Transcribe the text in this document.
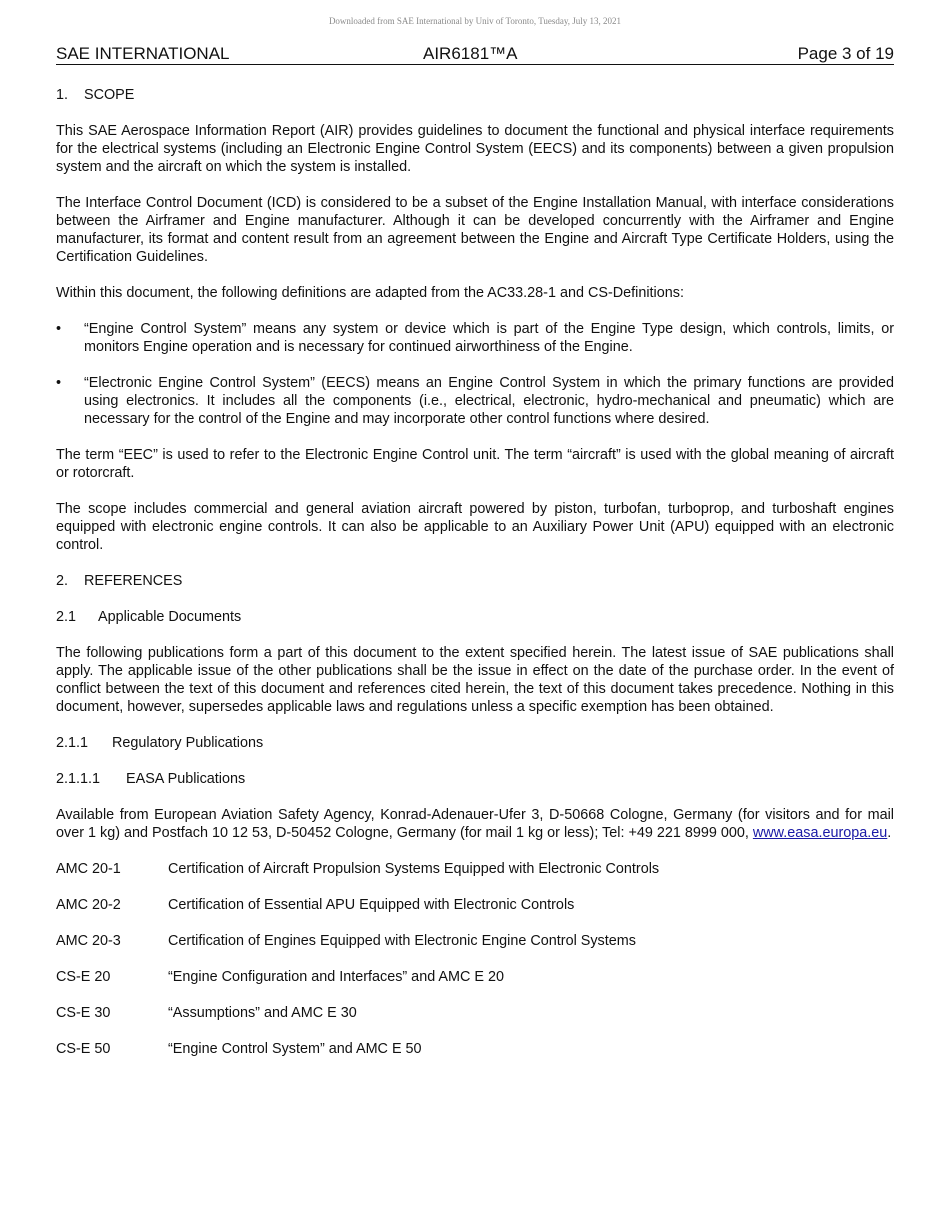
Downloaded from SAE International by Univ of Toronto, Tuesday, July 13, 2021
SAE INTERNATIONAL	AIR6181™A	Page 3 of 19
1. SCOPE

This SAE Aerospace Information Report (AIR) provides guidelines to document the functional and physical interface requirements for the electrical systems (including an Electronic Engine Control System (EECS) and its components) between a given propulsion system and the aircraft on which the system is installed.

The Interface Control Document (ICD) is considered to be a subset of the Engine Installation Manual, with interface considerations between the Airframer and Engine manufacturer. Although it can be developed concurrently with the Airframer and Engine manufacturer, its format and content result from an agreement between the Engine and Aircraft Type Certificate Holders, using the Certification Guidelines.

Within this document, the following definitions are adapted from the AC33.28-1 and CS-Definitions:

• “Engine Control System” means any system or device which is part of the Engine Type design, which controls, limits, or monitors Engine operation and is necessary for continued airworthiness of the Engine.
• “Electronic Engine Control System” (EECS) means an Engine Control System in which the primary functions are provided using electronics. It includes all the components (i.e., electrical, electronic, hydro-mechanical and pneumatic) which are necessary for the control of the Engine and may incorporate other control functions where desired.

The term “EEC” is used to refer to the Electronic Engine Control unit. The term “aircraft” is used with the global meaning of aircraft or rotorcraft.

The scope includes commercial and general aviation aircraft powered by piston, turbofan, turboprop, and turboshaft engines equipped with electronic engine controls. It can also be applicable to an Auxiliary Power Unit (APU) equipped with an electronic control.

2. REFERENCES
2.1 Applicable Documents

The following publications form a part of this document to the extent specified herein. The latest issue of SAE publications shall apply. The applicable issue of the other publications shall be the issue in effect on the date of the purchase order. In the event of conflict between the text of this document and references cited herein, the text of this document takes precedence. Nothing in this document, however, supersedes applicable laws and regulations unless a specific exemption has been obtained.

2.1.1 Regulatory Publications
2.1.1.1 EASA Publications

Available from European Aviation Safety Agency, Konrad-Adenauer-Ufer 3, D-50668 Cologne, Germany (for visitors and for mail over 1 kg) and Postfach 10 12 53, D-50452 Cologne, Germany (for mail 1 kg or less); Tel: +49 221 8999 000, www.easa.europa.eu.

AMC 20-1	Certification of Aircraft Propulsion Systems Equipped with Electronic Controls
AMC 20-2	Certification of Essential APU Equipped with Electronic Controls
AMC 20-3	Certification of Engines Equipped with Electronic Engine Control Systems
CS-E 20	“Engine Configuration and Interfaces” and AMC E 20
CS-E 30	“Assumptions” and AMC E 30
CS-E 50	“Engine Control System” and AMC E 50
